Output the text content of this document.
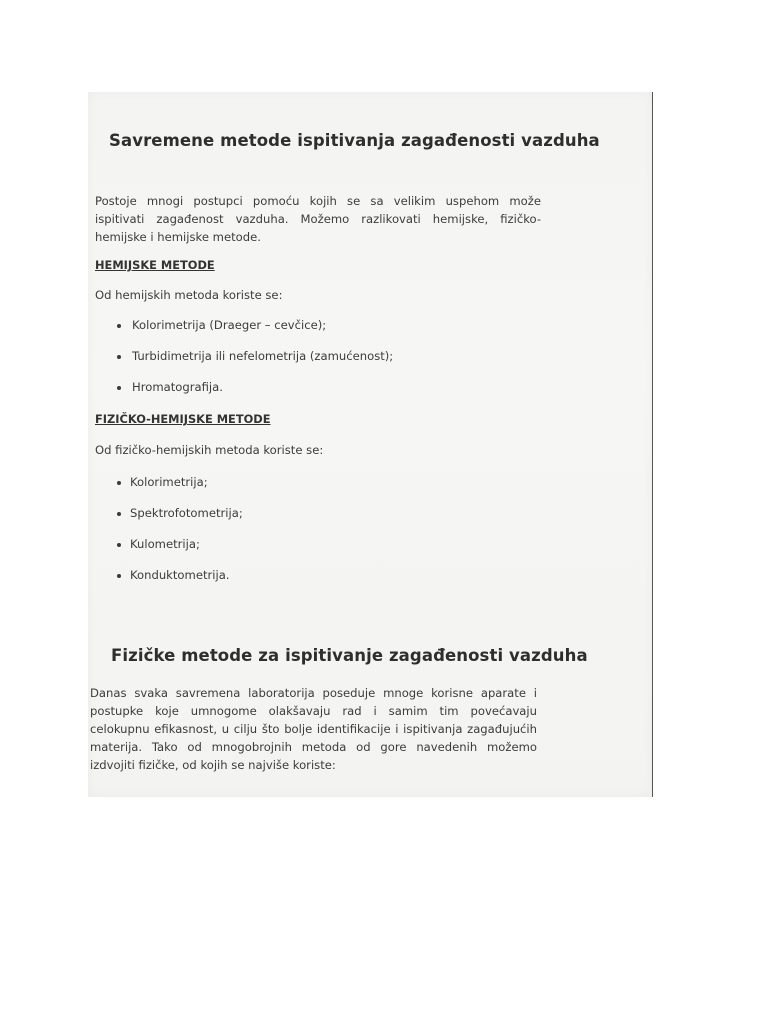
Savremene metode ispitivanja zagađenosti vazduha
Postoje mnogi postupci pomoću kojih se sa velikim uspehom može
ispitivati zagađenost vazduha. Možemo razlikovati hemijske, fizičko-
hemijske i hemijske metode.
HEMIJSKE METODE
Od hemijskih metoda koriste se:
Kolorimetrija (Draeger – cevčice);
Turbidimetrija ili nefelometrija (zamućenost);
Hromatografija.
FIZIČKO-HEMIJSKE METODE
Od fizičko-hemijskih metoda koriste se:
Kolorimetrija;
Spektrofotometrija;
Kulometrija;
Konduktometrija.
Fizičke metode za ispitivanje zagađenosti vazduha
Danas svaka savremena laboratorija poseduje mnoge korisne aparate i
postupke koje umnogome olakšavaju rad i samim tim povećavaju
celokupnu efikasnost, u cilju što bolje identifikacije i ispitivanja zagađujućih
materija. Tako od mnogobrojnih metoda od gore navedenih možemo
izdvojiti fizičke, od kojih se najviše koriste:
